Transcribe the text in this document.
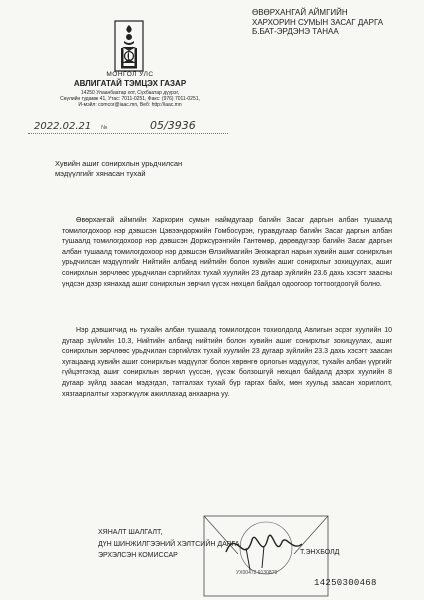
МОНГОЛ УЛС
АВЛИГАТАЙ ТЭМЦЭХ ГАЗАР
14250 Улаанбаатар хот, Сүхбаатар дүүрэг,
Сөүлийн гудамж 41, Утас: 7011-0251, Факс: (976) 7011-0251,
И-мэйл: comcor@iaac.mn, Веб: http://iaac.mn
2022.02.21 №	05/3936
ӨВӨРХАНГАЙ АЙМГИЙН
ХАРХОРИН СУМЫН ЗАСАГ ДАРГА
Б.БАТ-ЭРДЭНЭ ТАНАА
Хувийн ашиг сонирхлын урьдчилсан
мэдүүлгийг хянасан тухай

Өвөрхангай аймгийн Хархорин сумын наймдугаар багийн Засаг даргын албан тушаалд томилогдохоор нэр дэвшсэн Цэвээндоржийн Гомбосүрэн, гуравдугаар багийн Засаг даргын албан тушаалд томилогдохоор нэр дэвшсэн Доржсүрэнгийн Гантөмөр, дөрөвдүгээр багийн Засаг даргын албан тушаалд томилогдохоор нэр дэвшсэн Өлзиймагийн Энхжаргал нарын хувийн ашиг сонирхлын урьдчилсан мэдүүлгийг Нийтийн албанд нийтийн болон хувийн ашиг сонирхлыг зохицуулах, ашиг сонирхлын зөрчлөөс урьдчилан сэргийлэх тухай хуулийн 23 дугаар зүйлийн 23.6 дахь хэсэгт заасны үндсэн дээр хянахад ашиг сонирхлын зөрчил үүсэх нөхцөл байдал одоогоор тогтоогдоогүй болно.

Нэр дэвшигчид нь тухайн албан тушаалд томилогдсон тохиолдолд Авлигын эсрэг хуулийн 10 дугаар зүйлийн 10.3, Нийтийн албанд нийтийн болон хувийн ашиг сонирхлыг зохицуулах, ашиг сонирхлын зөрчлөөс урьдчилан сэргийлэх тухай хуулийн 23 дугаар зүйлийн 23.3 дахь хэсэгт заасан хугацаанд хувийн ашиг сонирхлын мэдүүлэг болон хөрөнгө орлогын мэдүүлэг, тухайн албан үүргийг гүйцэтгэхэд ашиг сонирхлын зөрчил үүссэн, үүсэж болзошгүй нөхцөл байдалд дээрх хуулийн 8 дугаар зүйлд заасан мэдэгдэл, татгалзах тухай бүр гаргах байх, мөн хуульд заасан хориглолт, хязгаарлалтыг хэрэгжүүлж ажиллахад анхаарна уу.

ХЯНАЛТ ШАЛГАЛТ,
ДҮН ШИНЖИЛГЭЭНИЙ ХЭЛТСИЙН ДАРГА,
ЭРХЭЛСЭН КОМИССАР	Т.ЭНХБОЛД
УХ00472 9130879
14250300468
